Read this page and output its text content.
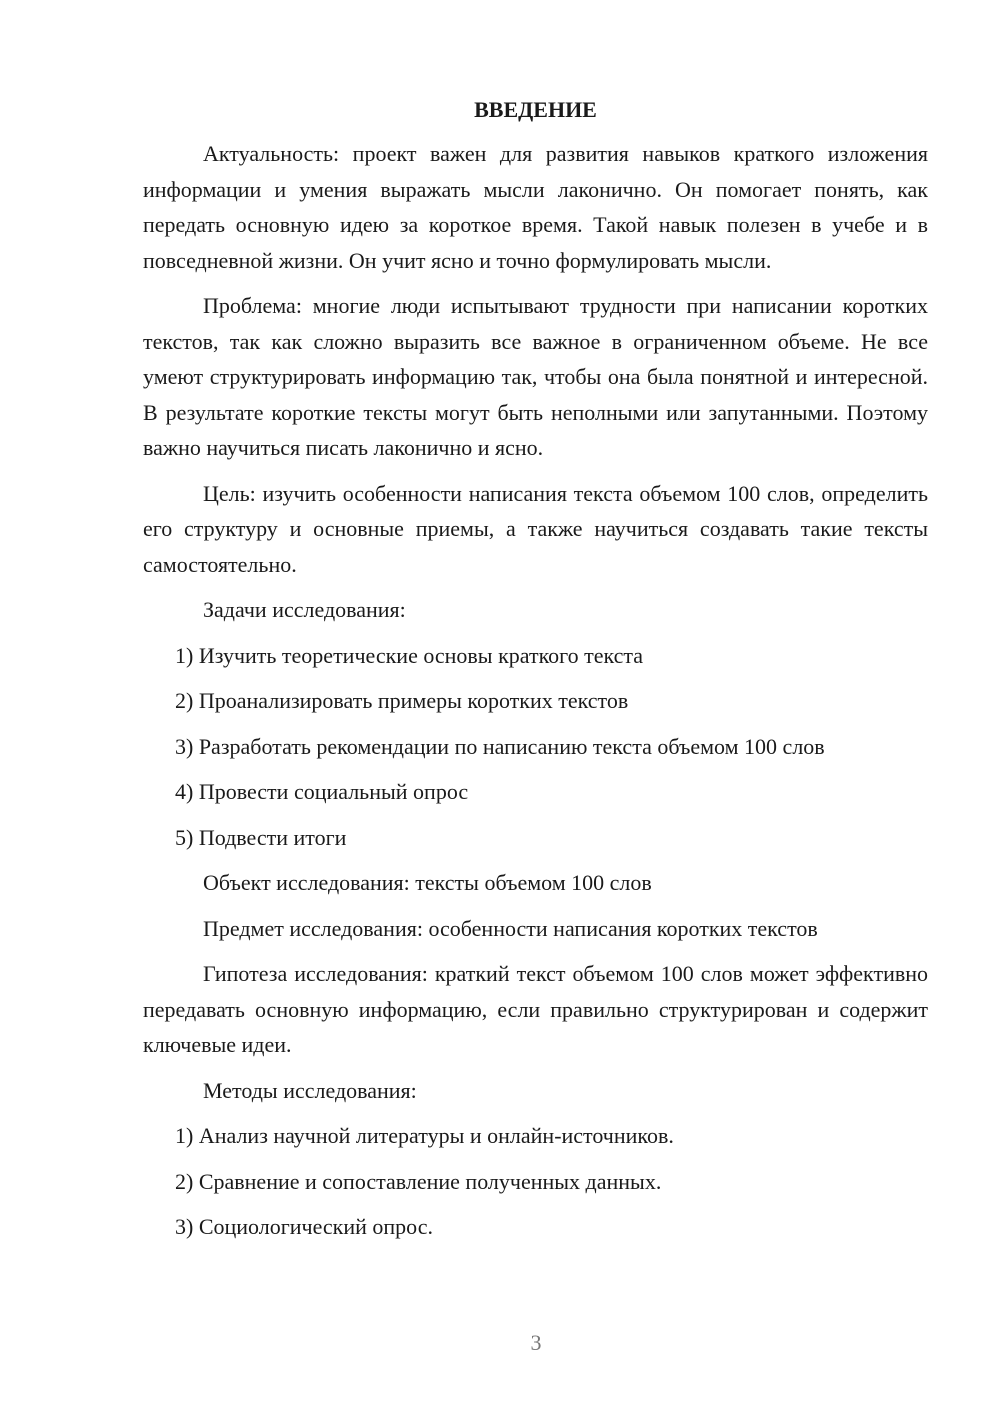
ВВЕДЕНИЕ
Актуальность: проект важен для развития навыков краткого изложения информации и умения выражать мысли лаконично. Он помогает понять, как передать основную идею за короткое время. Такой навык полезен в учебе и в повседневной жизни. Он учит ясно и точно формулировать мысли.
Проблема: многие люди испытывают трудности при написании коротких текстов, так как сложно выразить все важное в ограниченном объеме. Не все умеют структурировать информацию так, чтобы она была понятной и интересной. В результате короткие тексты могут быть неполными или запутанными. Поэтому важно научиться писать лаконично и ясно.
Цель: изучить особенности написания текста объемом 100 слов, определить его структуру и основные приемы, а также научиться создавать такие тексты самостоятельно.
Задачи исследования:
1) Изучить теоретические основы краткого текста
2) Проанализировать примеры коротких текстов
3) Разработать рекомендации по написанию текста объемом 100 слов
4) Провести социальный опрос
5) Подвести итоги
Объект исследования: тексты объемом 100 слов
Предмет исследования: особенности написания коротких текстов
Гипотеза исследования: краткий текст объемом 100 слов может эффективно передавать основную информацию, если правильно структурирован и содержит ключевые идеи.
Методы исследования:
1) Анализ научной литературы и онлайн-источников.
2) Сравнение и сопоставление полученных данных.
3) Социологический опрос.
3
